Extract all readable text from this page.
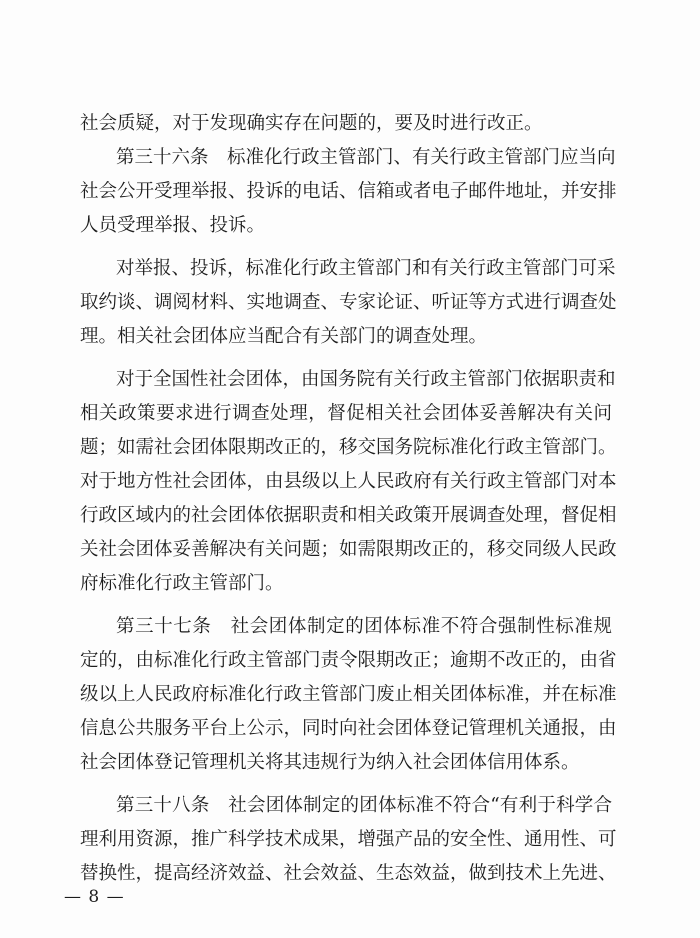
社会质疑，对于发现确实存在问题的，要及时进行改正。
第三十六条　标准化行政主管部门、有关行政主管部门应当向
社会公开受理举报、投诉的电话、信箱或者电子邮件地址，并安排
人员受理举报、投诉。
对举报、投诉，标准化行政主管部门和有关行政主管部门可采
取约谈、调阅材料、实地调查、专家论证、听证等方式进行调查处
理。相关社会团体应当配合有关部门的调查处理。
对于全国性社会团体，由国务院有关行政主管部门依据职责和
相关政策要求进行调查处理，督促相关社会团体妥善解决有关问
题；如需社会团体限期改正的，移交国务院标准化行政主管部门。
对于地方性社会团体，由县级以上人民政府有关行政主管部门对本
行政区域内的社会团体依据职责和相关政策开展调查处理，督促相
关社会团体妥善解决有关问题；如需限期改正的，移交同级人民政
府标准化行政主管部门。
第三十七条　社会团体制定的团体标准不符合强制性标准规
定的，由标准化行政主管部门责令限期改正；逾期不改正的，由省
级以上人民政府标准化行政主管部门废止相关团体标准，并在标准
信息公共服务平台上公示，同时向社会团体登记管理机关通报，由
社会团体登记管理机关将其违规行为纳入社会团体信用体系。
第三十八条　社会团体制定的团体标准不符合“有利于科学合
理利用资源，推广科学技术成果，增强产品的安全性、通用性、可
替换性，提高经济效益、社会效益、生态效益，做到技术上先进、
— 8 —
